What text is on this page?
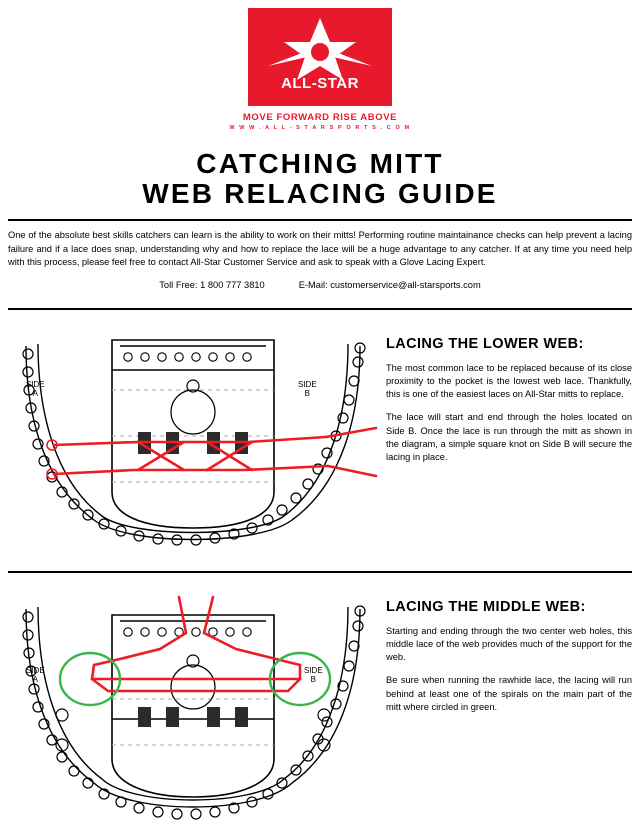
ALL-STAR
MOVE FORWARD RISE ABOVE
W W W . A L L - S T A R S P O R T S . C O M
CATCHING MITT
WEB RELACING GUIDE
One of the absolute best skills catchers can learn is the ability to work on their mitts! Performing routine maintainance checks can help prevent a lacing failure and if a lace does snap, understanding why and how to replace the lace will be a huge advantage to any catcher. If at any time you need help with this process, please feel free to contact All-Star Customer Service and ask to speak with a Glove Lacing Expert.
Toll Free: 1 800 777 3810	E-Mail: customerservice@all-starsports.com
SIDE
A
SIDE
B
LACING THE LOWER WEB:

The most common lace to be replaced because of its close proximity to the pocket is the lowest web lace. Thankfully, this is one of the easiest laces on All-Star mitts to replace.

The lace will start and end through the holes located on Side B. Once the lace is run through the mitt as shown in the diagram, a simple square knot on Side B will secure the lacing in place.

SIDE
A
SIDE
B
LACING THE MIDDLE WEB:

Starting and ending through the two center web holes, this middle lace of the web provides much of the support for the web.

Be sure when running the rawhide lace, the lacing will run behind at least one of the spirals on the main part of the mitt where circled in green.
